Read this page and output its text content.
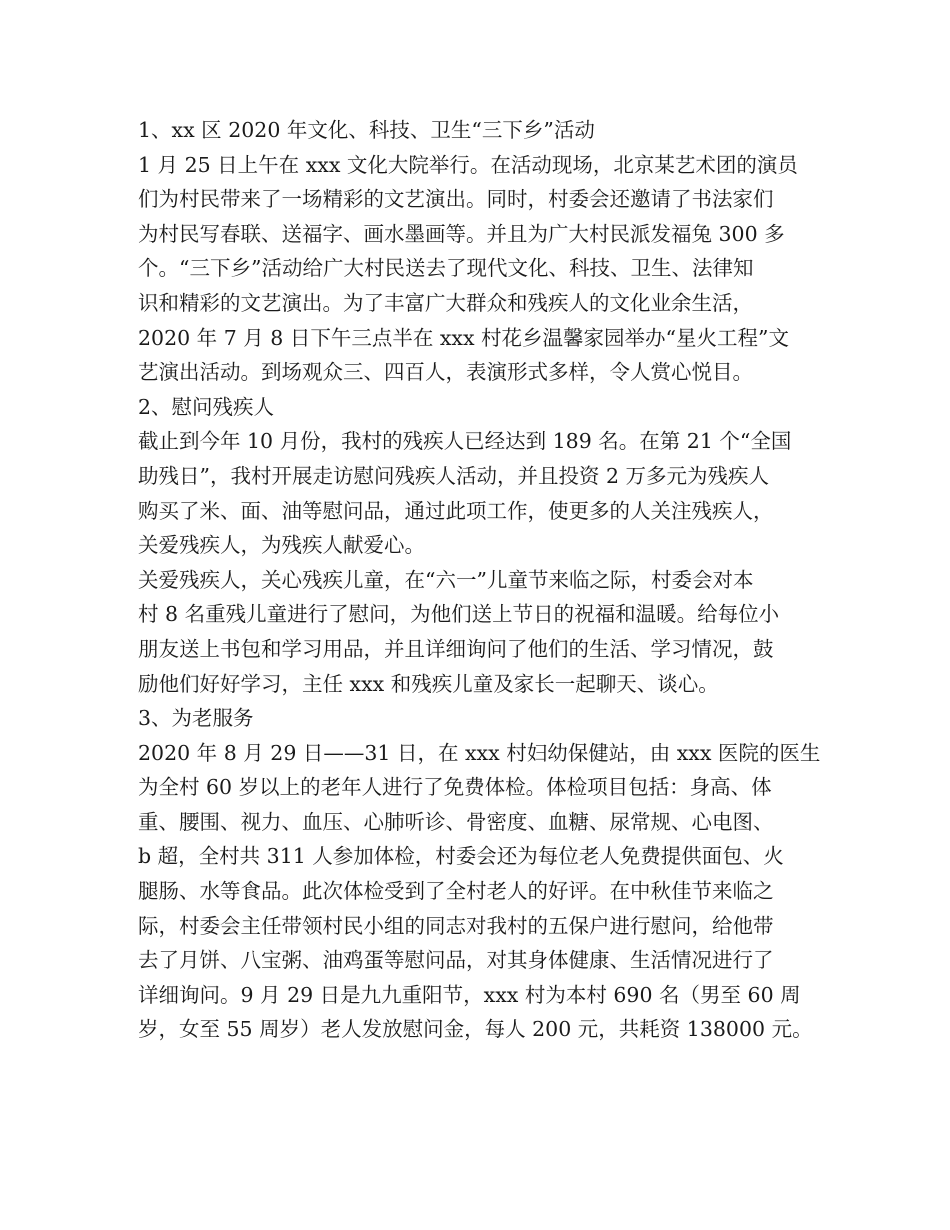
1、xx 区 2020 年文化、科技、卫生“三下乡”活动
1 月 25 日上午在 xxx 文化大院举行。在活动现场，北京某艺术团的演员
们为村民带来了一场精彩的文艺演出。同时，村委会还邀请了书法家们
为村民写春联、送福字、画水墨画等。并且为广大村民派发福兔 300 多
个。“三下乡”活动给广大村民送去了现代文化、科技、卫生、法律知
识和精彩的文艺演出。为了丰富广大群众和残疾人的文化业余生活，
2020 年 7 月 8 日下午三点半在 xxx 村花乡温馨家园举办“星火工程”文
艺演出活动。到场观众三、四百人，表演形式多样，令人赏心悦目。
2、慰问残疾人
截止到今年 10 月份，我村的残疾人已经达到 189 名。在第 21 个“全国
助残日”，我村开展走访慰问残疾人活动，并且投资 2 万多元为残疾人
购买了米、面、油等慰问品，通过此项工作，使更多的人关注残疾人，
关爱残疾人，为残疾人献爱心。
关爱残疾人，关心残疾儿童，在“六一”儿童节来临之际，村委会对本
村 8 名重残儿童进行了慰问，为他们送上节日的祝福和温暖。给每位小
朋友送上书包和学习用品，并且详细询问了他们的生活、学习情况，鼓
励他们好好学习，主任 xxx 和残疾儿童及家长一起聊天、谈心。
3、为老服务
2020 年 8 月 29 日——31 日，在 xxx 村妇幼保健站，由 xxx 医院的医生
为全村 60 岁以上的老年人进行了免费体检。体检项目包括：身高、体
重、腰围、视力、血压、心肺听诊、骨密度、血糖、尿常规、心电图、
b 超，全村共 311 人参加体检，村委会还为每位老人免费提供面包、火
腿肠、水等食品。此次体检受到了全村老人的好评。在中秋佳节来临之
际，村委会主任带领村民小组的同志对我村的五保户进行慰问，给他带
去了月饼、八宝粥、油鸡蛋等慰问品，对其身体健康、生活情况进行了
详细询问。9 月 29 日是九九重阳节，xxx 村为本村 690 名（男至 60 周
岁，女至 55 周岁）老人发放慰问金，每人 200 元，共耗资 138000 元。
